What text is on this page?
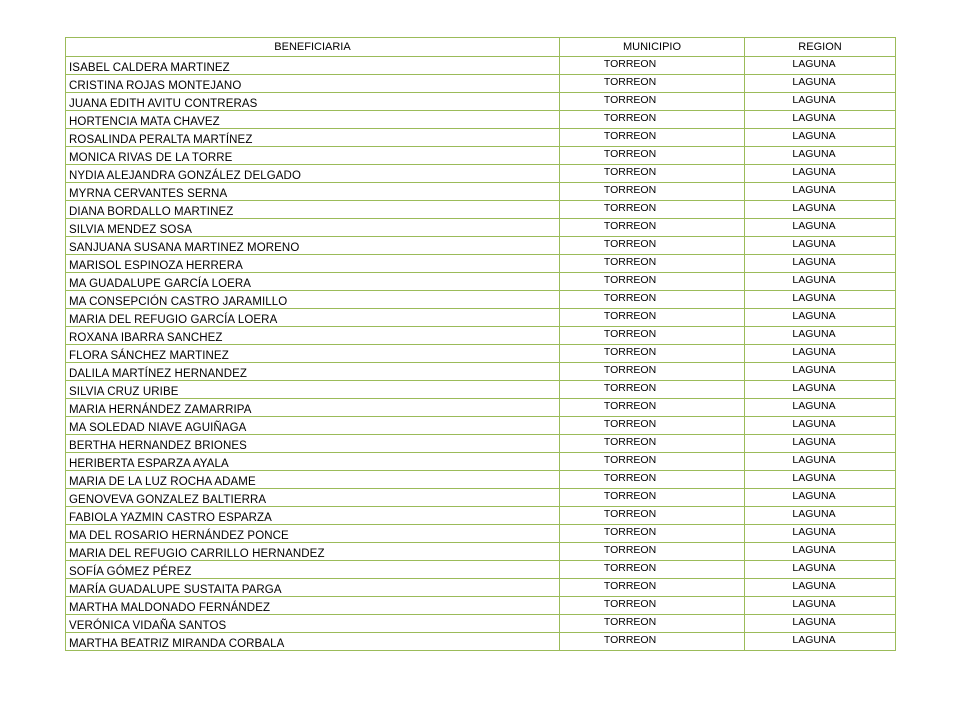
BENEFICIARIA	MUNICIPIO	REGION
ISABEL CALDERA MARTINEZ	TORREON	LAGUNA
CRISTINA ROJAS MONTEJANO	TORREON	LAGUNA
JUANA EDITH AVITU CONTRERAS	TORREON	LAGUNA
HORTENCIA MATA CHAVEZ	TORREON	LAGUNA
ROSALINDA PERALTA MARTÍNEZ	TORREON	LAGUNA
MONICA RIVAS DE LA TORRE	TORREON	LAGUNA
NYDIA ALEJANDRA GONZÁLEZ DELGADO	TORREON	LAGUNA
MYRNA CERVANTES SERNA	TORREON	LAGUNA
DIANA BORDALLO MARTINEZ	TORREON	LAGUNA
SILVIA MENDEZ SOSA	TORREON	LAGUNA
SANJUANA SUSANA MARTINEZ MORENO	TORREON	LAGUNA
MARISOL ESPINOZA HERRERA	TORREON	LAGUNA
MA GUADALUPE GARCÍA LOERA	TORREON	LAGUNA
MA CONSEPCIÓN CASTRO JARAMILLO	TORREON	LAGUNA
MARIA DEL REFUGIO GARCÍA LOERA	TORREON	LAGUNA
ROXANA IBARRA SANCHEZ	TORREON	LAGUNA
FLORA SÁNCHEZ MARTINEZ	TORREON	LAGUNA
DALILA MARTÍNEZ HERNANDEZ	TORREON	LAGUNA
SILVIA CRUZ URIBE	TORREON	LAGUNA
MARIA HERNÁNDEZ ZAMARRIPA	TORREON	LAGUNA
MA SOLEDAD NIAVE AGUIÑAGA	TORREON	LAGUNA
BERTHA HERNANDEZ BRIONES	TORREON	LAGUNA
HERIBERTA ESPARZA AYALA	TORREON	LAGUNA
MARIA DE LA LUZ ROCHA ADAME	TORREON	LAGUNA
GENOVEVA GONZALEZ BALTIERRA	TORREON	LAGUNA
FABIOLA YAZMIN CASTRO ESPARZA	TORREON	LAGUNA
MA DEL ROSARIO HERNÁNDEZ PONCE	TORREON	LAGUNA
MARIA DEL REFUGIO CARRILLO HERNANDEZ	TORREON	LAGUNA
SOFÍA GÓMEZ PÉREZ	TORREON	LAGUNA
MARÍA GUADALUPE SUSTAITA PARGA	TORREON	LAGUNA
MARTHA MALDONADO FERNÁNDEZ	TORREON	LAGUNA
VERÓNICA VIDAÑA SANTOS	TORREON	LAGUNA
MARTHA BEATRIZ MIRANDA CORBALA	TORREON	LAGUNA
